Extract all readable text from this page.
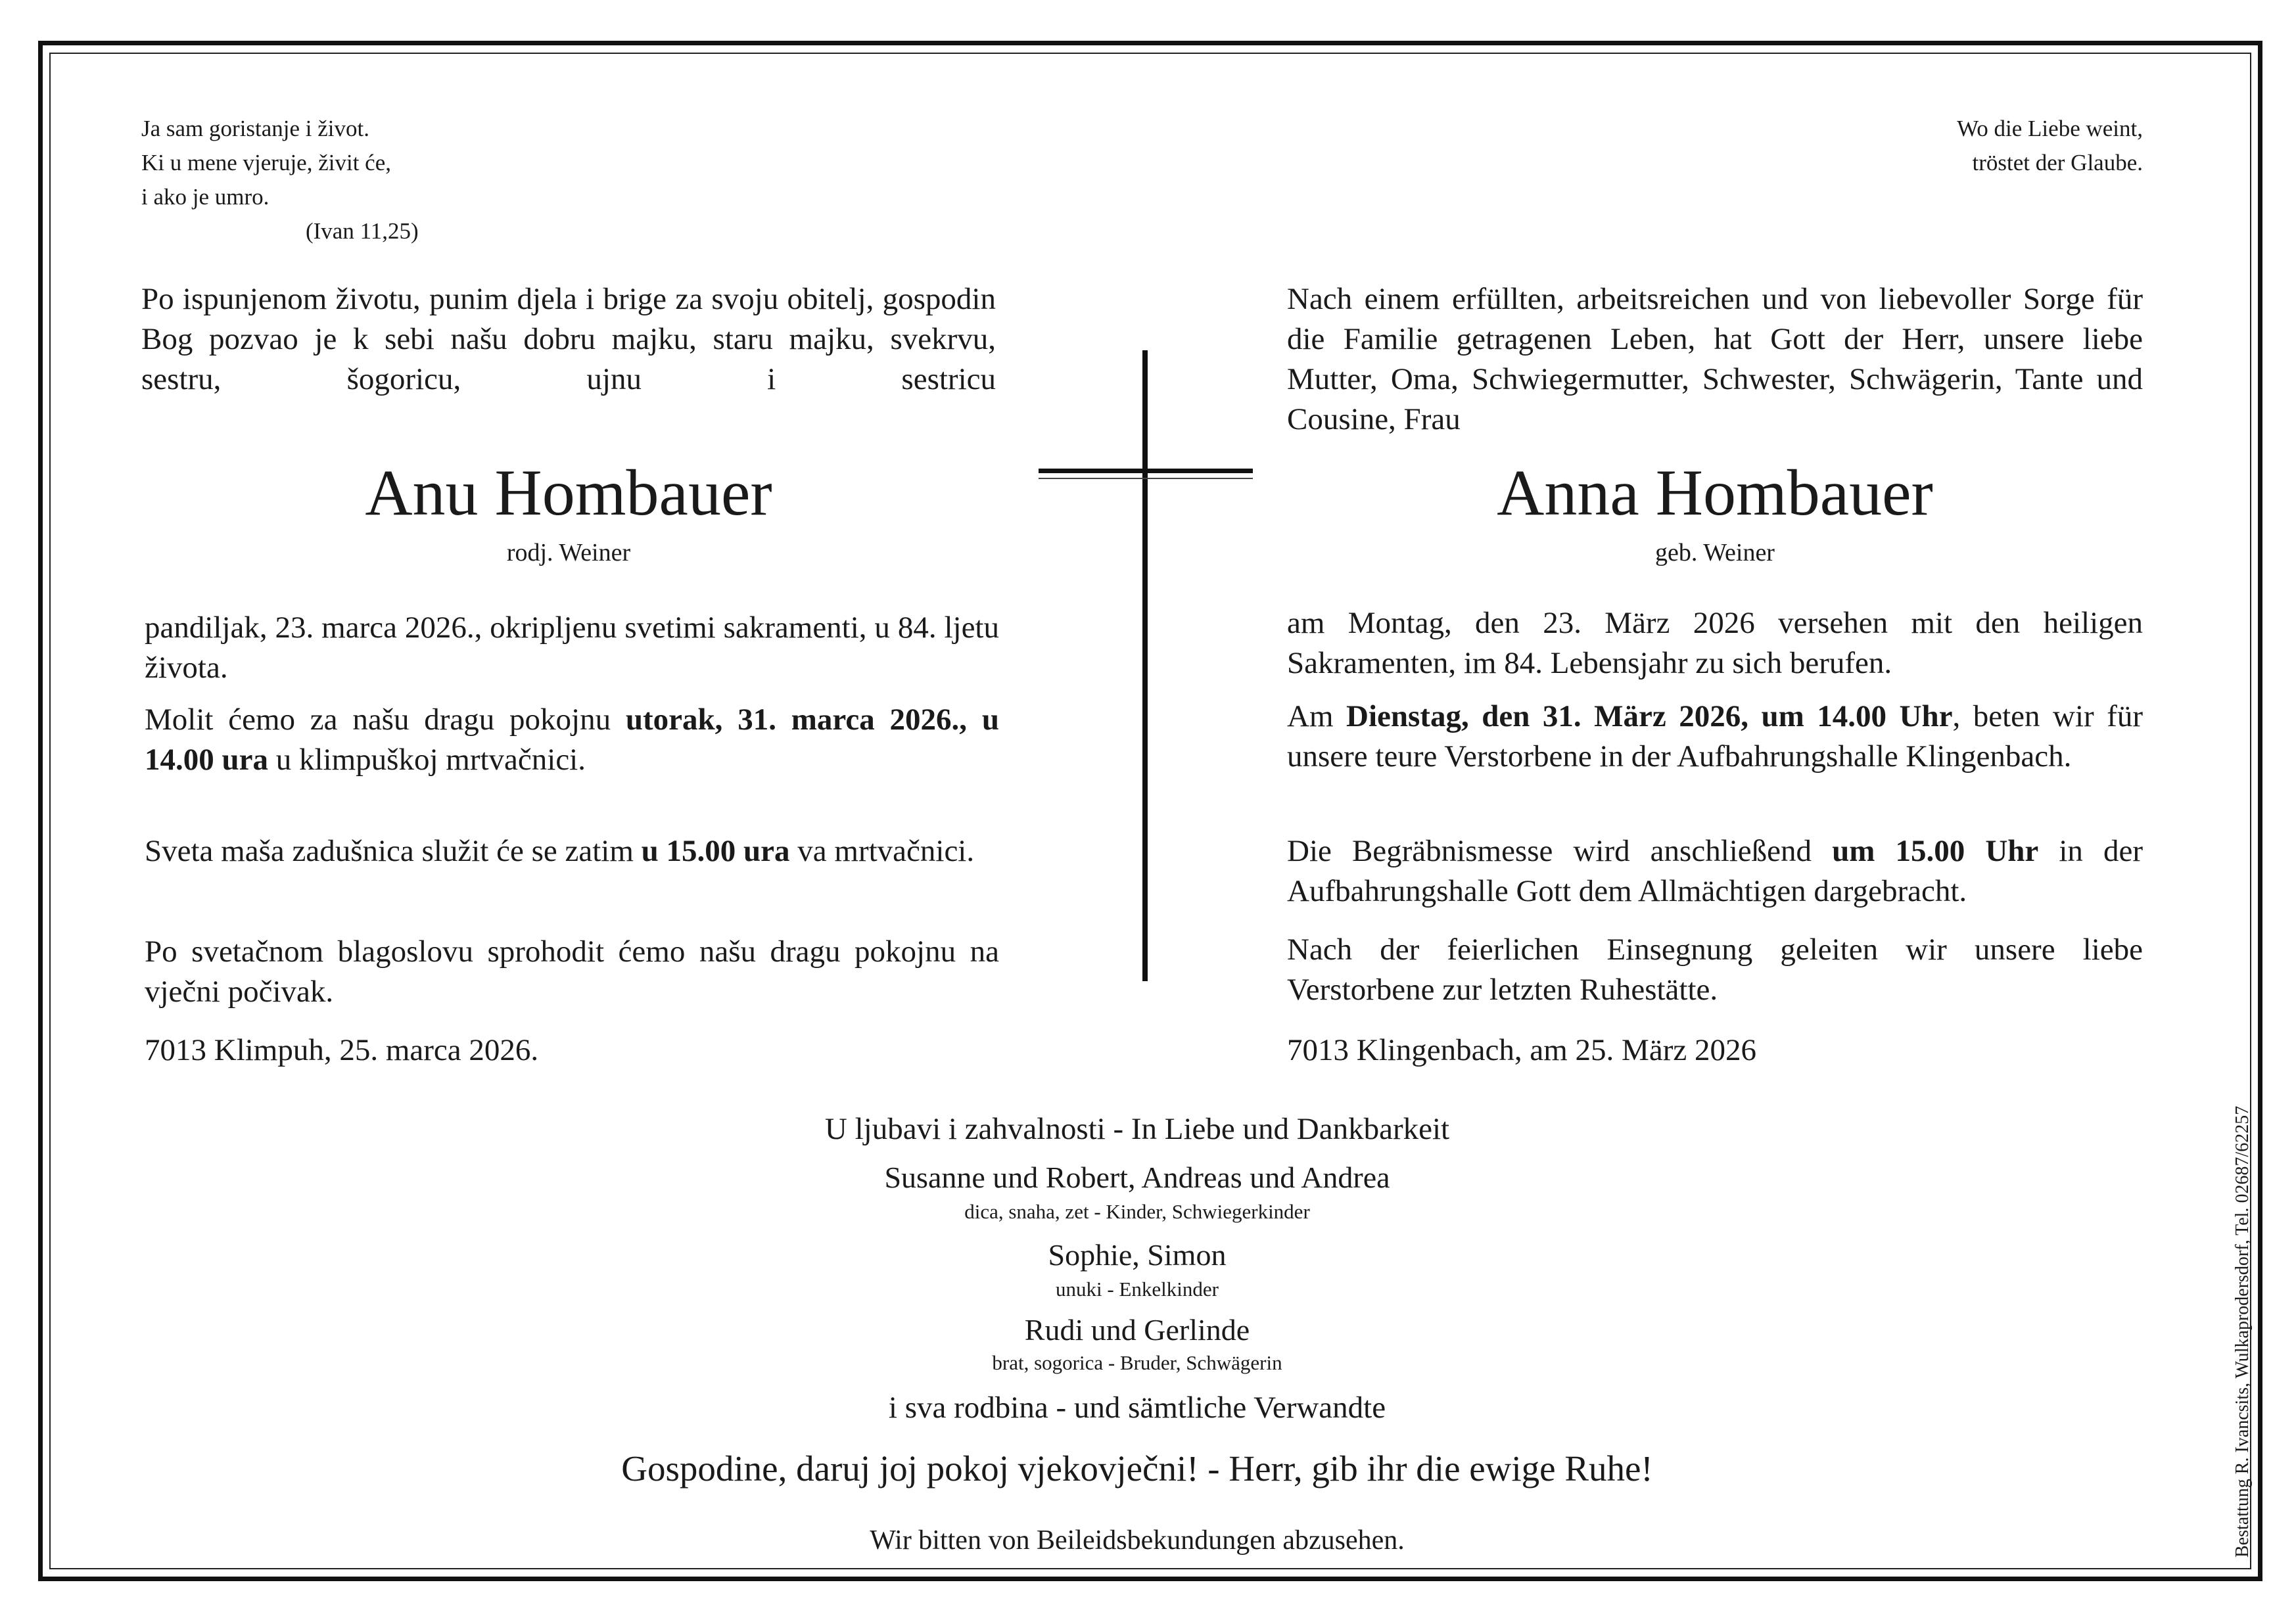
Ja sam goristanje i život.
Ki u mene vjeruje, živit će,
i ako je umro.
(Ivan 11,25)
Po ispunjenom životu, punim djela i brige za svoju obitelj, gospodin Bog pozvao je k sebi našu dobru majku, staru majku, svekrvu, sestru, šogoricu, ujnu i sestricu
Anu Hombauer
rodj. Weiner
pandiljak, 23. marca 2026., okripljenu svetimi sakramenti, u 84. ljetu života.
Molit ćemo za našu dragu pokojnu utorak, 31. marca 2026., u 14.00 ura u klimpuškoj mrtvačnici.
Sveta maša zadušnica služit će se zatim u 15.00 ura va mrtvačnici.
Po svetačnom blagoslovu sprohodit ćemo našu dragu pokojnu na vječni počivak.
7013 Klimpuh, 25. marca 2026.
Wo die Liebe weint,
tröstet der Glaube.
Nach einem erfüllten, arbeitsreichen und von liebevoller Sorge für die Familie getragenen Leben, hat Gott der Herr, unsere liebe Mutter, Oma, Schwiegermutter, Schwester, Schwägerin, Tante und Cousine, Frau
Anna Hombauer
geb. Weiner
am Montag, den 23. März 2026 versehen mit den heiligen Sakramenten, im 84. Lebensjahr zu sich berufen.
Am Dienstag, den 31. März 2026, um 14.00 Uhr, beten wir für unsere teure Verstorbene in der Aufbahrungshalle Klingenbach.
Die Begräbnismesse wird anschließend um 15.00 Uhr in der Aufbahrungshalle Gott dem Allmächtigen dargebracht.
Nach der feierlichen Einsegnung geleiten wir unsere liebe Verstorbene zur letzten Ruhestätte.
7013 Klingenbach, am 25. März 2026
U ljubavi i zahvalnosti - In Liebe und Dankbarkeit
Susanne und Robert, Andreas und Andrea
dica, snaha, zet - Kinder, Schwiegerkinder
Sophie, Simon
unuki - Enkelkinder
Rudi und Gerlinde
brat, sogorica - Bruder, Schwägerin
i sva rodbina - und sämtliche Verwandte
Gospodine, daruj joj pokoj vjekovječni! - Herr, gib ihr die ewige Ruhe!
Wir bitten von Beileidsbekundungen abzusehen.	Bestattung R. Ivancsits, Wulkaprodersdorf, Tel. 02687/62257
